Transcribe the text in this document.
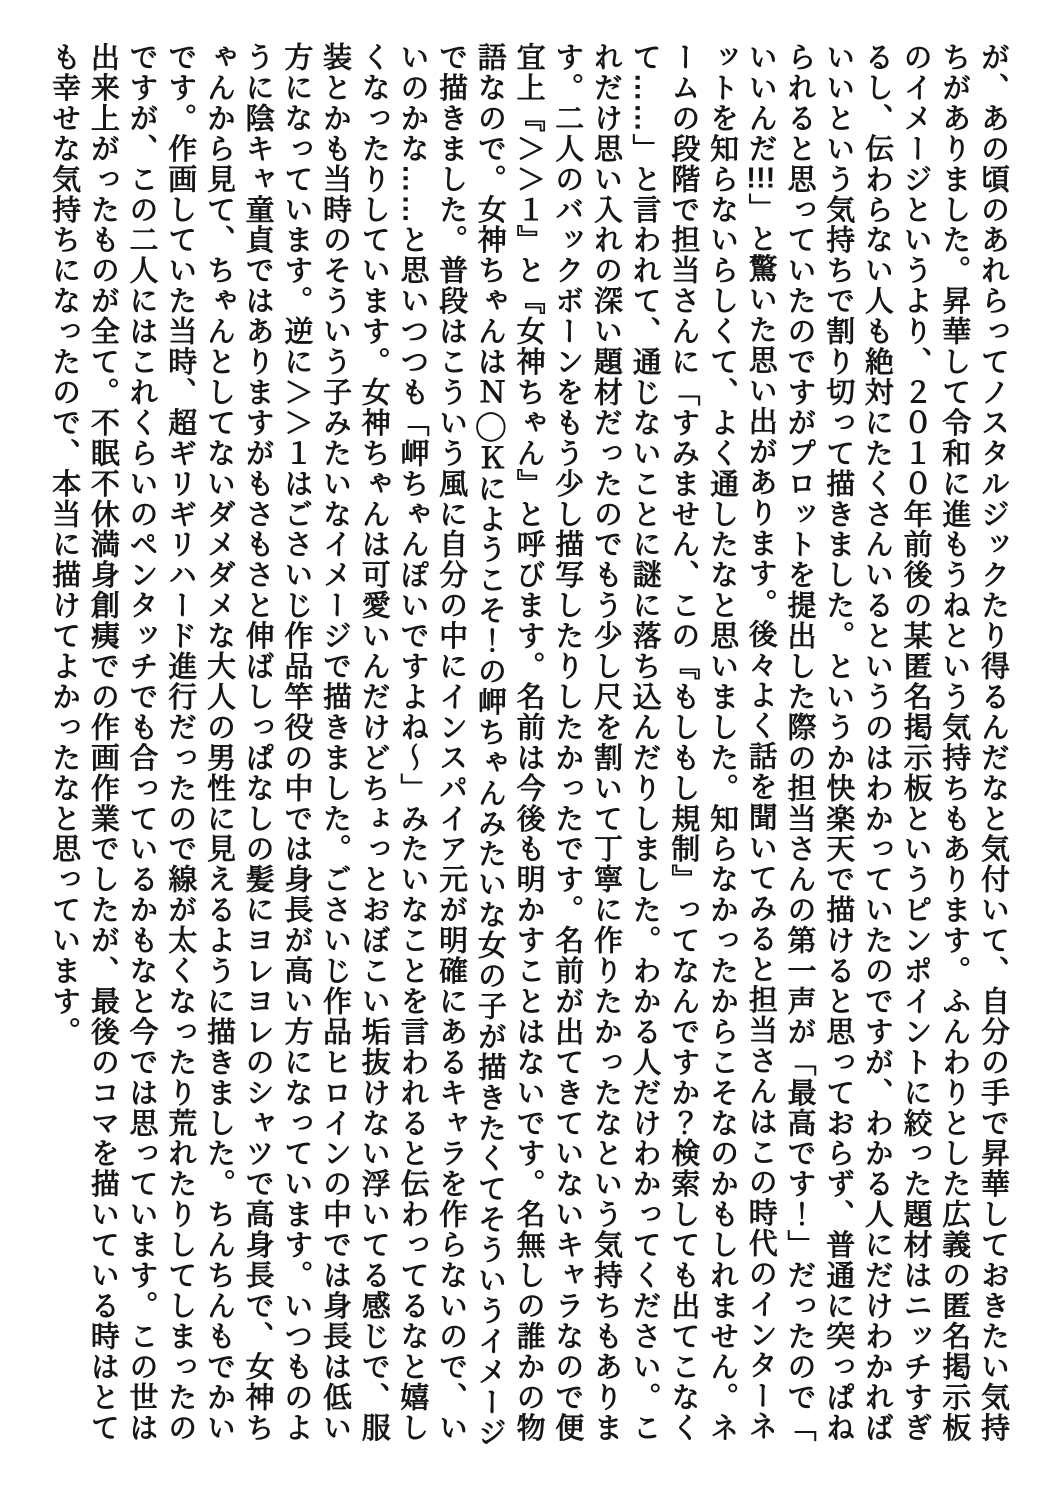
が、あの頃のあれらってノスタルジックたり得るんだなと気付いて、自分の手で昇華しておきたい気持
ちがありました。昇華して令和に進もうねという気持ちもあります。ふんわりとした広義の匿名掲示板
のイメージというより、２０１０年前後の某匿名掲示板というピンポイントに絞った題材はニッチすぎ
るし、伝わらない人も絶対にたくさんいるというのはわかっていたのですが、わかる人にだけわかれば
いいという気持ちで割り切って描きました。というか快楽天で描けると思っておらず、普通に突っぱね
られると思っていたのですがプロットを提出した際の担当さんの第一声が「最高です！」だったので「
いいんだ!!!」と驚いた思い出があります。後々よく話を聞いてみると担当さんはこの時代のインターネ
ットを知らないらしくて、よく通したなと思いました。知らなかったからこそなのかもしれません。ネ
ームの段階で担当さんに「すみません、この『もしもし規制』ってなんですか？検索しても出てこなく
て……」と言われて、通じないことに謎に落ち込んだりしました。わかる人だけわかってください。こ
れだけ思い入れの深い題材だったのでもう少し尺を割いて丁寧に作りたかったなという気持ちもありま
す。二人のバックボーンをもう少し描写したりしたかったです。名前が出てきていないキャラなので便
宜上『＞＞１』と『女神ちゃん』と呼びます。名前は今後も明かすことはないです。名無しの誰かの物
語なので。女神ちゃんはＮ◯Ｋにようこそ！の岬ちゃんみたいな女の子が描きたくてそういうイメージ
で描きました。普段はこういう風に自分の中にインスパイア元が明確にあるキャラを作らないので、い
いのかな……と思いつつも「岬ちゃんぽいですよね〜」みたいなことを言われると伝わってるなと嬉し
くなったりしています。女神ちゃんは可愛いんだけどちょっとおぼこい垢抜けない浮いてる感じで、服
装とかも当時のそういう子みたいなイメージで描きました。ごさいじ作品ヒロインの中では身長は低い
方になっています。逆に＞＞１はごさいじ作品竿役の中では身長が高い方になっています。いつものよ
うに陰キャ童貞ではありますがもさもさと伸ばしっぱなしの髪にヨレヨレのシャツで高身長で、女神ち
ゃんから見て、ちゃんとしてないダメダメな大人の男性に見えるように描きました。ちんちんもでかい
です。作画していた当時、超ギリギリハード進行だったので線が太くなったり荒れたりしてしまったの
ですが、この二人にはこれくらいのペンタッチでも合っているかもなと今では思っています。この世は
出来上がったものが全て。不眠不休満身創痍での作画作業でしたが、最後のコマを描いている時はとて
も幸せな気持ちになったので、本当に描けてよかったなと思っています。
